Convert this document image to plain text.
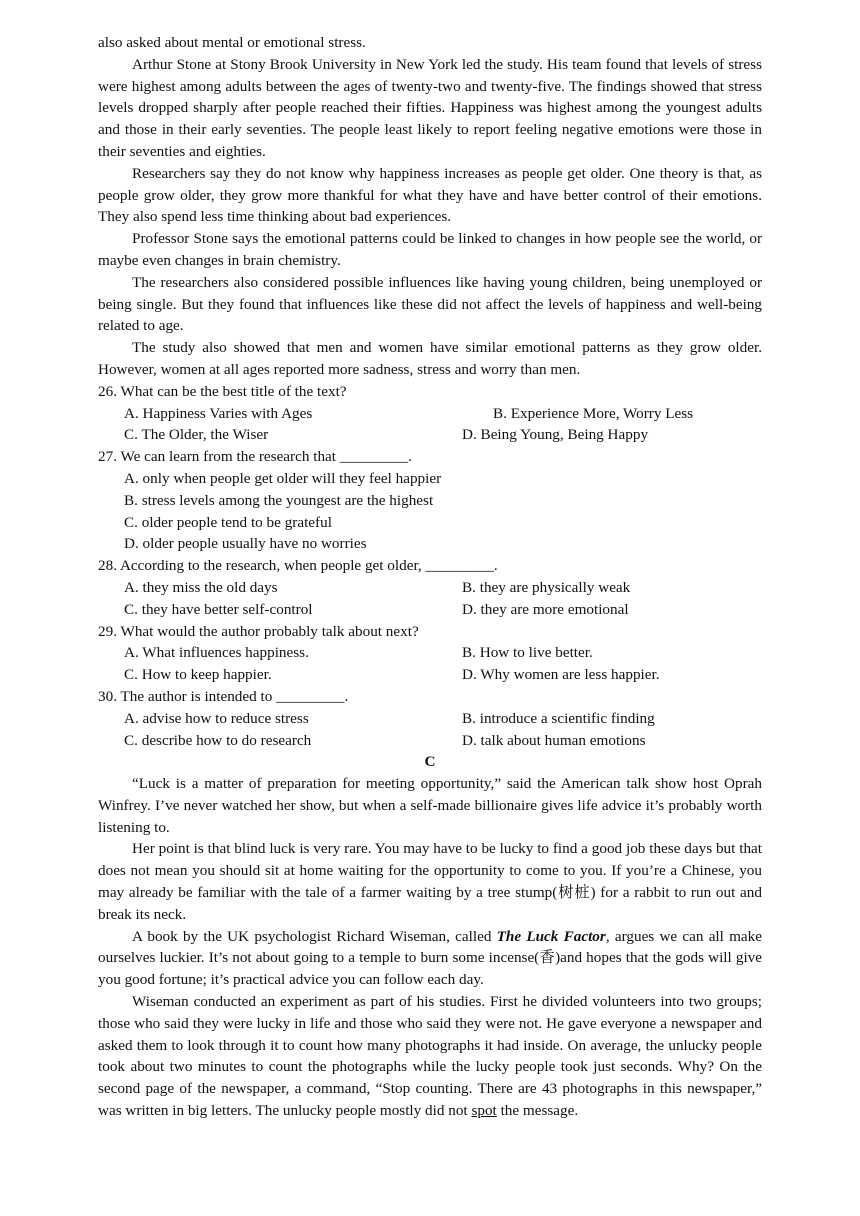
also asked about mental or emotional stress.

Arthur Stone at Stony Brook University in New York led the study. His team found that levels of stress were highest among adults between the ages of twenty-two and twenty-five. The findings showed that stress levels dropped sharply after people reached their fifties. Happiness was highest among the youngest adults and those in their early seventies. The people least likely to report feeling negative emotions were those in their seventies and eighties.

Researchers say they do not know why happiness increases as people get older. One theory is that, as people grow older, they grow more thankful for what they have and have better control of their emotions. They also spend less time thinking about bad experiences.

Professor Stone says the emotional patterns could be linked to changes in how people see the world, or maybe even changes in brain chemistry.

The researchers also considered possible influences like having young children, being unemployed or being single. But they found that influences like these did not affect the levels of happiness and well-being related to age.

The study also showed that men and women have similar emotional patterns as they grow older. However, women at all ages reported more sadness, stress and worry than men.

26. What can be the best title of the text?

A. Happiness Varies with Ages	B. Experience More, Worry Less
C. The Older, the Wiser	D. Being Young, Being Happy

27. We can learn from the research that _________.

A. only when people get older will they feel happier
B. stress levels among the youngest are the highest
C. older people tend to be grateful
D. older people usually have no worries

28. According to the research, when people get older, _________.

A. they miss the old days	B. they are physically weak
C. they have better self-control	D. they are more emotional

29. What would the author probably talk about next?

A. What influences happiness.	B. How to live better.
C. How to keep happier.	D. Why women are less happier.

30. The author is intended to _________.

A. advise how to reduce stress	B. introduce a scientific finding
C. describe how to do research	D. talk about human emotions

C

“Luck is a matter of preparation for meeting opportunity,” said the American talk show host Oprah Winfrey. I’ve never watched her show, but when a self-made billionaire gives life advice it’s probably worth listening to.

Her point is that blind luck is very rare. You may have to be lucky to find a good job these days but that does not mean you should sit at home waiting for the opportunity to come to you. If you’re a Chinese, you may already be familiar with the tale of a farmer waiting by a tree stump(树桩) for a rabbit to run out and break its neck.

A book by the UK psychologist Richard Wiseman, called The Luck Factor, argues we can all make ourselves luckier. It’s not about going to a temple to burn some incense(香)and hopes that the gods will give you good fortune; it’s practical advice you can follow each day.

Wiseman conducted an experiment as part of his studies. First he divided volunteers into two groups; those who said they were lucky in life and those who said they were not. He gave everyone a newspaper and asked them to look through it to count how many photographs it had inside. On average, the unlucky people took about two minutes to count the photographs while the lucky people took just seconds. Why? On the second page of the newspaper, a command, “Stop counting. There are 43 photographs in this newspaper,” was written in big letters. The unlucky people mostly did not spot the message.
